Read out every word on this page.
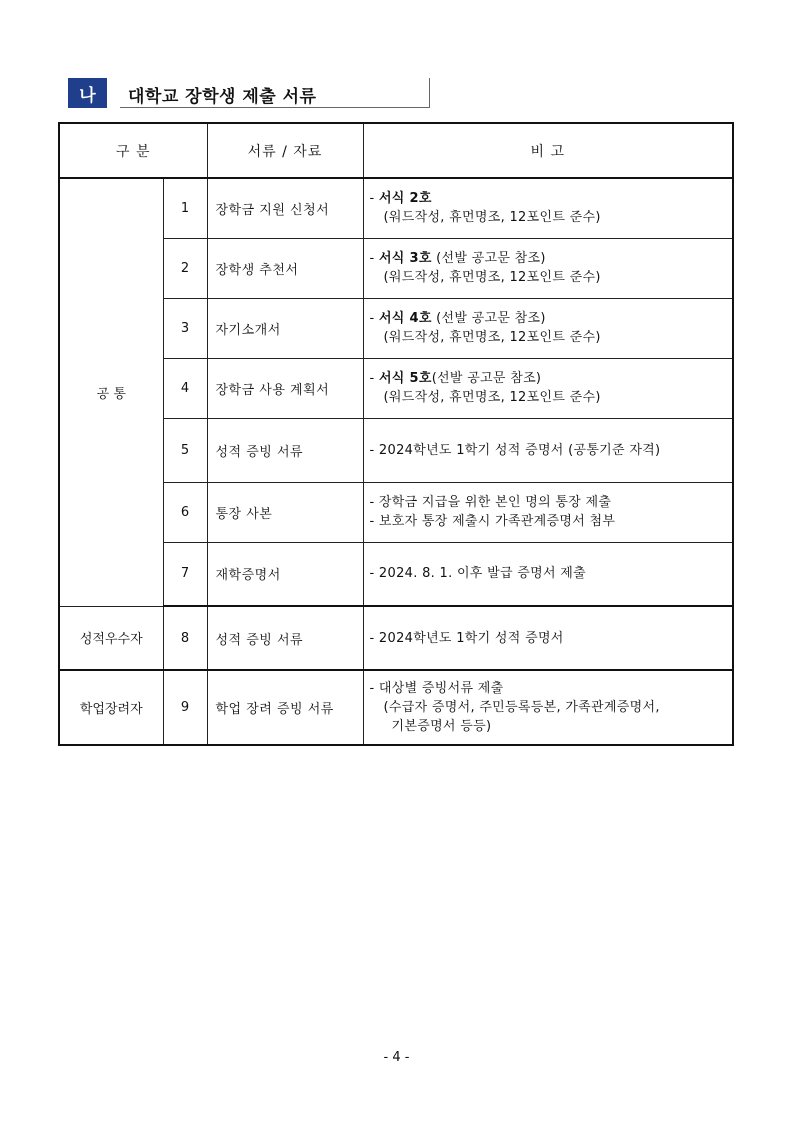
나	대학교 장학생 제출 서류
구 분		서류 / 자료	비 고
공 통	1	장학금 지원 신청서	- 서식 2호
(워드작성, 휴먼명조, 12포인트 준수)

	2	장학생 추천서	- 서식 3호 (선발 공고문 참조)
(워드작성, 휴먼명조, 12포인트 준수)

	3	자기소개서	- 서식 4호 (선발 공고문 참조)
(워드작성, 휴먼명조, 12포인트 준수)

	4	장학금 사용 계획서	- 서식 5호(선발 공고문 참조)
(워드작성, 휴먼명조, 12포인트 준수)

	5	성적 증빙 서류	- 2024학년도 1학기 성적 증명서 (공통기준 자격)
	6	통장 사본	- 장학금 지급을 위한 본인 명의 통장 제출
- 보호자 통장 제출시 가족관계증명서 첨부

	7	재학증명서	- 2024. 8. 1. 이후 발급 증명서 제출
성적우수자	8	성적 증빙 서류	- 2024학년도 1학기 성적 증명서
학업장려자	9	학업 장려 증빙 서류	- 대상별 증빙서류 제출
(수급자 증명서, 주민등록등본, 가족관계증명서,
기본증명서 등등)
- 4 -
